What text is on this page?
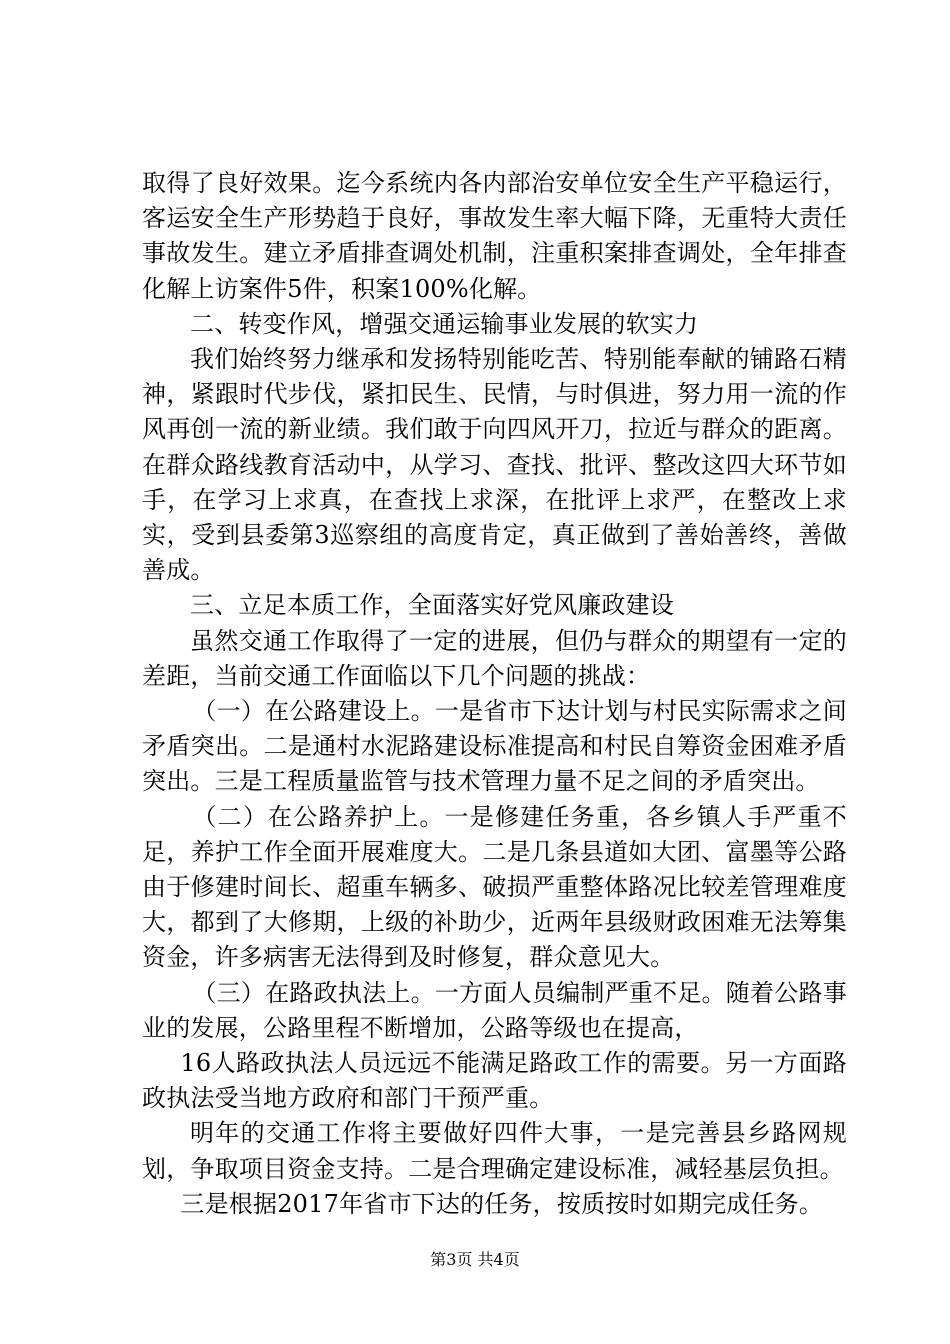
取得了良好效果。迄今系统内各内部治安单位安全生产平稳运行，客运安全生产形势趋于良好，事故发生率大幅下降，无重特大责任事故发生。建立矛盾排查调处机制，注重积案排查调处，全年排查化解上访案件5件，积案100%化解。

二、转变作风，增强交通运输事业发展的软实力

我们始终努力继承和发扬特别能吃苦、特别能奉献的铺路石精神，紧跟时代步伐，紧扣民生、民情，与时俱进，努力用一流的作风再创一流的新业绩。我们敢于向四风开刀，拉近与群众的距离。在群众路线教育活动中，从学习、查找、批评、整改这四大环节如手，在学习上求真，在查找上求深，在批评上求严，在整改上求实，受到县委第3巡察组的高度肯定，真正做到了善始善终，善做善成。

三、立足本质工作，全面落实好党风廉政建设

虽然交通工作取得了一定的进展，但仍与群众的期望有一定的差距，当前交通工作面临以下几个问题的挑战：

（一）在公路建设上。一是省市下达计划与村民实际需求之间矛盾突出。二是通村水泥路建设标准提高和村民自筹资金困难矛盾突出。三是工程质量监管与技术管理力量不足之间的矛盾突出。

（二）在公路养护上。一是修建任务重，各乡镇人手严重不足，养护工作全面开展难度大。二是几条县道如大团、富墨等公路由于修建时间长、超重车辆多、破损严重整体路况比较差管理难度大，都到了大修期，上级的补助少，近两年县级财政困难无法筹集资金，许多病害无法得到及时修复，群众意见大。

（三）在路政执法上。一方面人员编制严重不足。随着公路事业的发展，公路里程不断增加，公路等级也在提高，

16人路政执法人员远远不能满足路政工作的需要。另一方面路政执法受当地方政府和部门干预严重。

明年的交通工作将主要做好四件大事，一是完善县乡路网规划，争取项目资金支持。二是合理确定建设标准，减轻基层负担。

三是根据2017年省市下达的任务，按质按时如期完成任务。

第3页 共4页
